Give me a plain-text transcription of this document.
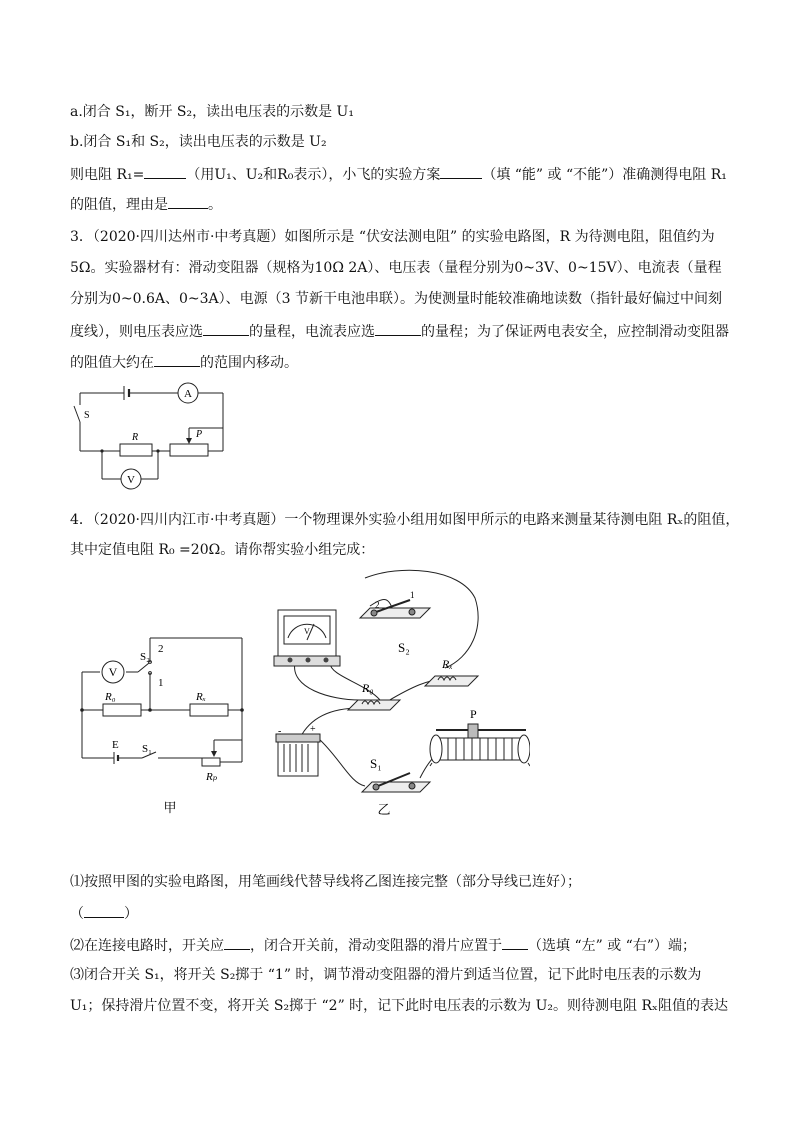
a.闭合 S₁，断开 S₂，读出电压表的示数是 U₁
b.闭合 S₁和 S₂，读出电压表的示数是 U₂
则电阻 R₁=	（用U₁、U₂和R₀表示），小飞的实验方案	（填 “能” 或 “不能”）准确测得电阻 R₁
的阻值，理由是	。
3．（2020·四川达州市·中考真题）如图所示是 “伏安法测电阻” 的实验电路图，R 为待测电阻，阻值约为
5Ω。实验器材有：滑动变阻器（规格为10Ω 2A）、电压表（量程分别为0~3V、0~15V）、电流表（量程
分别为0~0.6A、0~3A）、电源（3 节新干电池串联）。为使测量时能较准确地读数（指针最好偏过中间刻
度线），则电压表应选	的量程，电流表应选	的量程；为了保证两电表安全，应控制滑动变阻器
的阻值大约在	的范围内移动。
A
V
S
R	P
4．（2020·四川内江市·中考真题）一个物理课外实验小组用如图甲所示的电路来测量某待测电阻 Rₓ的阻值，
其中定值电阻 R₀ =20Ω。请你帮实验小组完成：
V
S₂
2
1
R₀	Rₓ
E S₁
Rₚ
甲
V
2
1
S₂
Rₓ
R₀
-	+
S₁
乙
P
⑴按照甲图的实验电路图，用笔画线代替导线将乙图连接完整（部分导线已连好）；
（	）
⑵在连接电路时，开关应 ，闭合开关前，滑动变阻器的滑片应置于 （选填 “左” 或 “右”）端；
⑶闭合开关 S₁，将开关 S₂掷于 “1” 时，调节滑动变阻器的滑片到适当位置，记下此时电压表的示数为
U₁；保持滑片位置不变，将开关 S₂掷于 “2” 时，记下此时电压表的示数为 U₂。则待测电阻 Rₓ阻值的表达
